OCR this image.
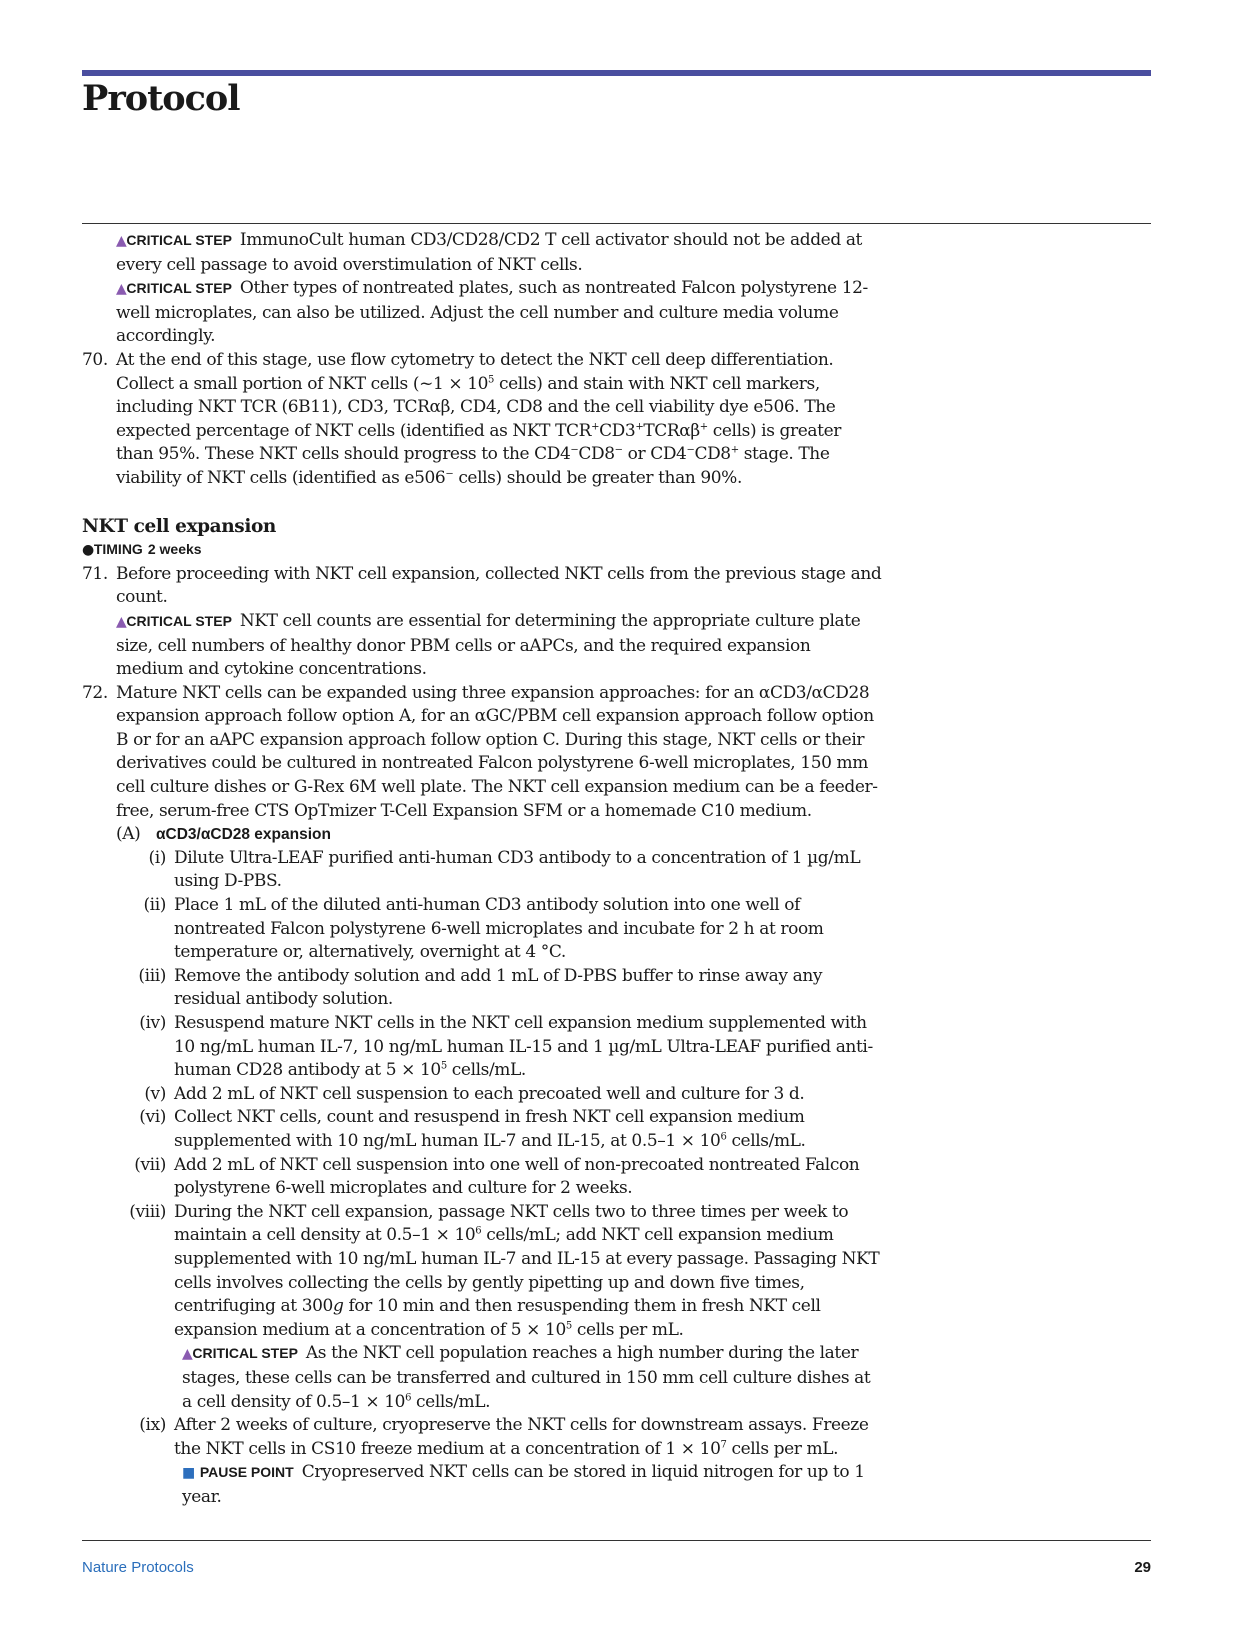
Protocol

▲CRITICAL STEP ImmunoCult human CD3/CD28/CD2 T cell activator should not be added at every cell passage to avoid overstimulation of NKT cells.

▲CRITICAL STEP Other types of nontreated plates, such as nontreated Falcon polystyrene 12-well microplates, can also be utilized. Adjust the cell number and culture media volume accordingly.

70. At the end of this stage, use flow cytometry to detect the NKT cell deep differentiation. Collect a small portion of NKT cells (~1 × $10^5$ cells) and stain with NKT cell markers, including NKT TCR (6B11), CD3, TCRαβ, CD4, CD8 and the cell viability dye e506. The expected percentage of NKT cells (identified as NKT TCR+CD3+TCRαβ+ cells) is greater than 95%. These NKT cells should progress to the CD4−CD8− or CD4−CD8+ stage. The viability of NKT cells (identified as e506− cells) should be greater than 90%.

NKT cell expansion

●TIMING 2 weeks

71. Before proceeding with NKT cell expansion, collected NKT cells from the previous stage and count.

▲CRITICAL STEP NKT cell counts are essential for determining the appropriate culture plate size, cell numbers of healthy donor PBM cells or aAPCs, and the required expansion medium and cytokine concentrations.

72. Mature NKT cells can be expanded using three expansion approaches: for an αCD3/αCD28 expansion approach follow option A, for an αGC/PBM cell expansion approach follow option B or for an aAPC expansion approach follow option C. During this stage, NKT cells or their derivatives could be cultured in nontreated Falcon polystyrene 6-well microplates, 150 mm cell culture dishes or G-Rex 6M well plate. The NKT cell expansion medium can be a feeder-free, serum-free CTS OpTmizer T-Cell Expansion SFM or a homemade C10 medium.
(A)	αCD3/αCD28 expansion
(i) Dilute Ultra-LEAF purified anti-human CD3 antibody to a concentration of 1 µg/mL using D-PBS.
(ii) Place 1 mL of the diluted anti-human CD3 antibody solution into one well of nontreated Falcon polystyrene 6-well microplates and incubate for 2 h at room temperature or, alternatively, overnight at 4 °C.
(iii) Remove the antibody solution and add 1 mL of D-PBS buffer to rinse away any residual antibody solution.
(iv) Resuspend mature NKT cells in the NKT cell expansion medium supplemented with 10 ng/mL human IL-7, 10 ng/mL human IL-15 and 1 µg/mL Ultra-LEAF purified anti-human CD28 antibody at $5 \times 10^5$ cells/mL.
(v) Add 2 mL of NKT cell suspension to each precoated well and culture for 3 d.
(vi) Collect NKT cells, count and resuspend in fresh NKT cell expansion medium supplemented with 10 ng/mL human IL-7 and IL-15, at $0.5-1 \times 10^6$ cells/mL.
(vii) Add 2 mL of NKT cell suspension into one well of non-precoated nontreated Falcon polystyrene 6-well microplates and culture for 2 weeks.
(viii) During the NKT cell expansion, passage NKT cells two to three times per week to maintain a cell density at $0.5-1 \times 10^6$ cells/mL; add NKT cell expansion medium supplemented with 10 ng/mL human IL-7 and IL-15 at every passage. Passaging NKT cells involves collecting the cells by gently pipetting up and down five times, centrifuging at 300g for 10 min and then resuspending them in fresh NKT cell expansion medium at a concentration of $5 \times 10^5$ cells per mL.

▲CRITICAL STEP As the NKT cell population reaches a high number during the later stages, these cells can be transferred and cultured in 150 mm cell culture dishes at a cell density of $0.5-1 \times 10^6$ cells/mL.

(ix) After 2 weeks of culture, cryopreserve the NKT cells for downstream assays. Freeze the NKT cells in CS10 freeze medium at a concentration of $1 \times 10^7$ cells per mL.

■ PAUSE POINT Cryopreserved NKT cells can be stored in liquid nitrogen for up to 1 year.

Nature Protocols	29
